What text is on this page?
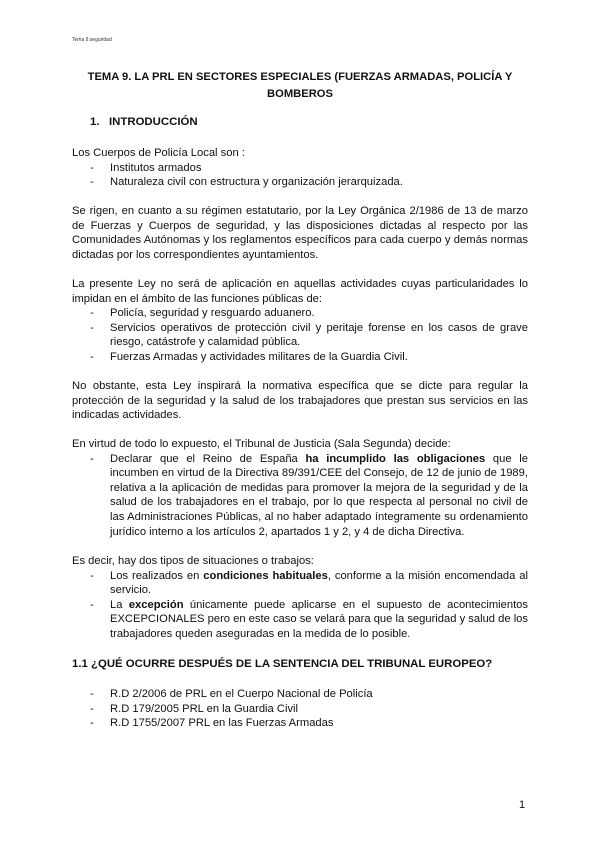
Tema 9.seguridad
TEMA 9. LA PRL EN SECTORES ESPECIALES (FUERZAS ARMADAS, POLICÍA Y
BOMBEROS
1. INTRODUCCIÓN

Los Cuerpos de Policía Local son :

- Institutos armados
- Naturaleza civil con estructura y organización jerarquizada.

Se rigen, en cuanto a su régimen estatutario, por la Ley Orgánica 2/1986 de 13 de marzo de Fuerzas y Cuerpos de seguridad, y las disposiciones dictadas al respecto por las Comunidades Autónomas y los reglamentos específicos para cada cuerpo y demás normas dictadas por los correspondientes ayuntamientos.

La presente Ley no será de aplicación en aquellas actividades cuyas particularidades lo impidan en el ámbito de las funciones públicas de:

- Policía, seguridad y resguardo aduanero.
- Servicios operativos de protección civil y peritaje forense en los casos de grave riesgo, catástrofe y calamidad pública.
- Fuerzas Armadas y actividades militares de la Guardia Civil.

No obstante, esta Ley inspirará la normativa específica que se dicte para regular la protección de la seguridad y la salud de los trabajadores que prestan sus servicios en las indicadas actividades.

En virtud de todo lo expuesto, el Tribunal de Justicia (Sala Segunda) decide:

- Declarar que el Reino de España ha incumplido las obligaciones que le incumben en virtud de la Directiva 89/391/CEE del Consejo, de 12 de junio de 1989, relativa a la aplicación de medidas para promover la mejora de la seguridad y de la salud de los trabajadores en el trabajo, por lo que respecta al personal no civil de las Administraciones Públicas, al no haber adaptado íntegramente su ordenamiento jurídico interno a los artículos 2, apartados 1 y 2, y 4 de dicha Directiva.

Es decir, hay dos tipos de situaciones o trabajos:

- Los realizados en condiciones habituales, conforme a la misión encomendada al servicio.
- La excepción únicamente puede aplicarse en el supuesto de acontecimientos EXCEPCIONALES pero en este caso se velará para que la seguridad y salud de los trabajadores queden aseguradas en la medida de lo posible.
1.1 ¿QUÉ OCURRE DESPUÉS DE LA SENTENCIA DEL TRIBUNAL EUROPEO?
- R.D 2/2006 de PRL en el Cuerpo Nacional de Policía
- R.D 179/2005 PRL en la Guardia Civil
- R.D 1755/2007 PRL en las Fuerzas Armadas
1
